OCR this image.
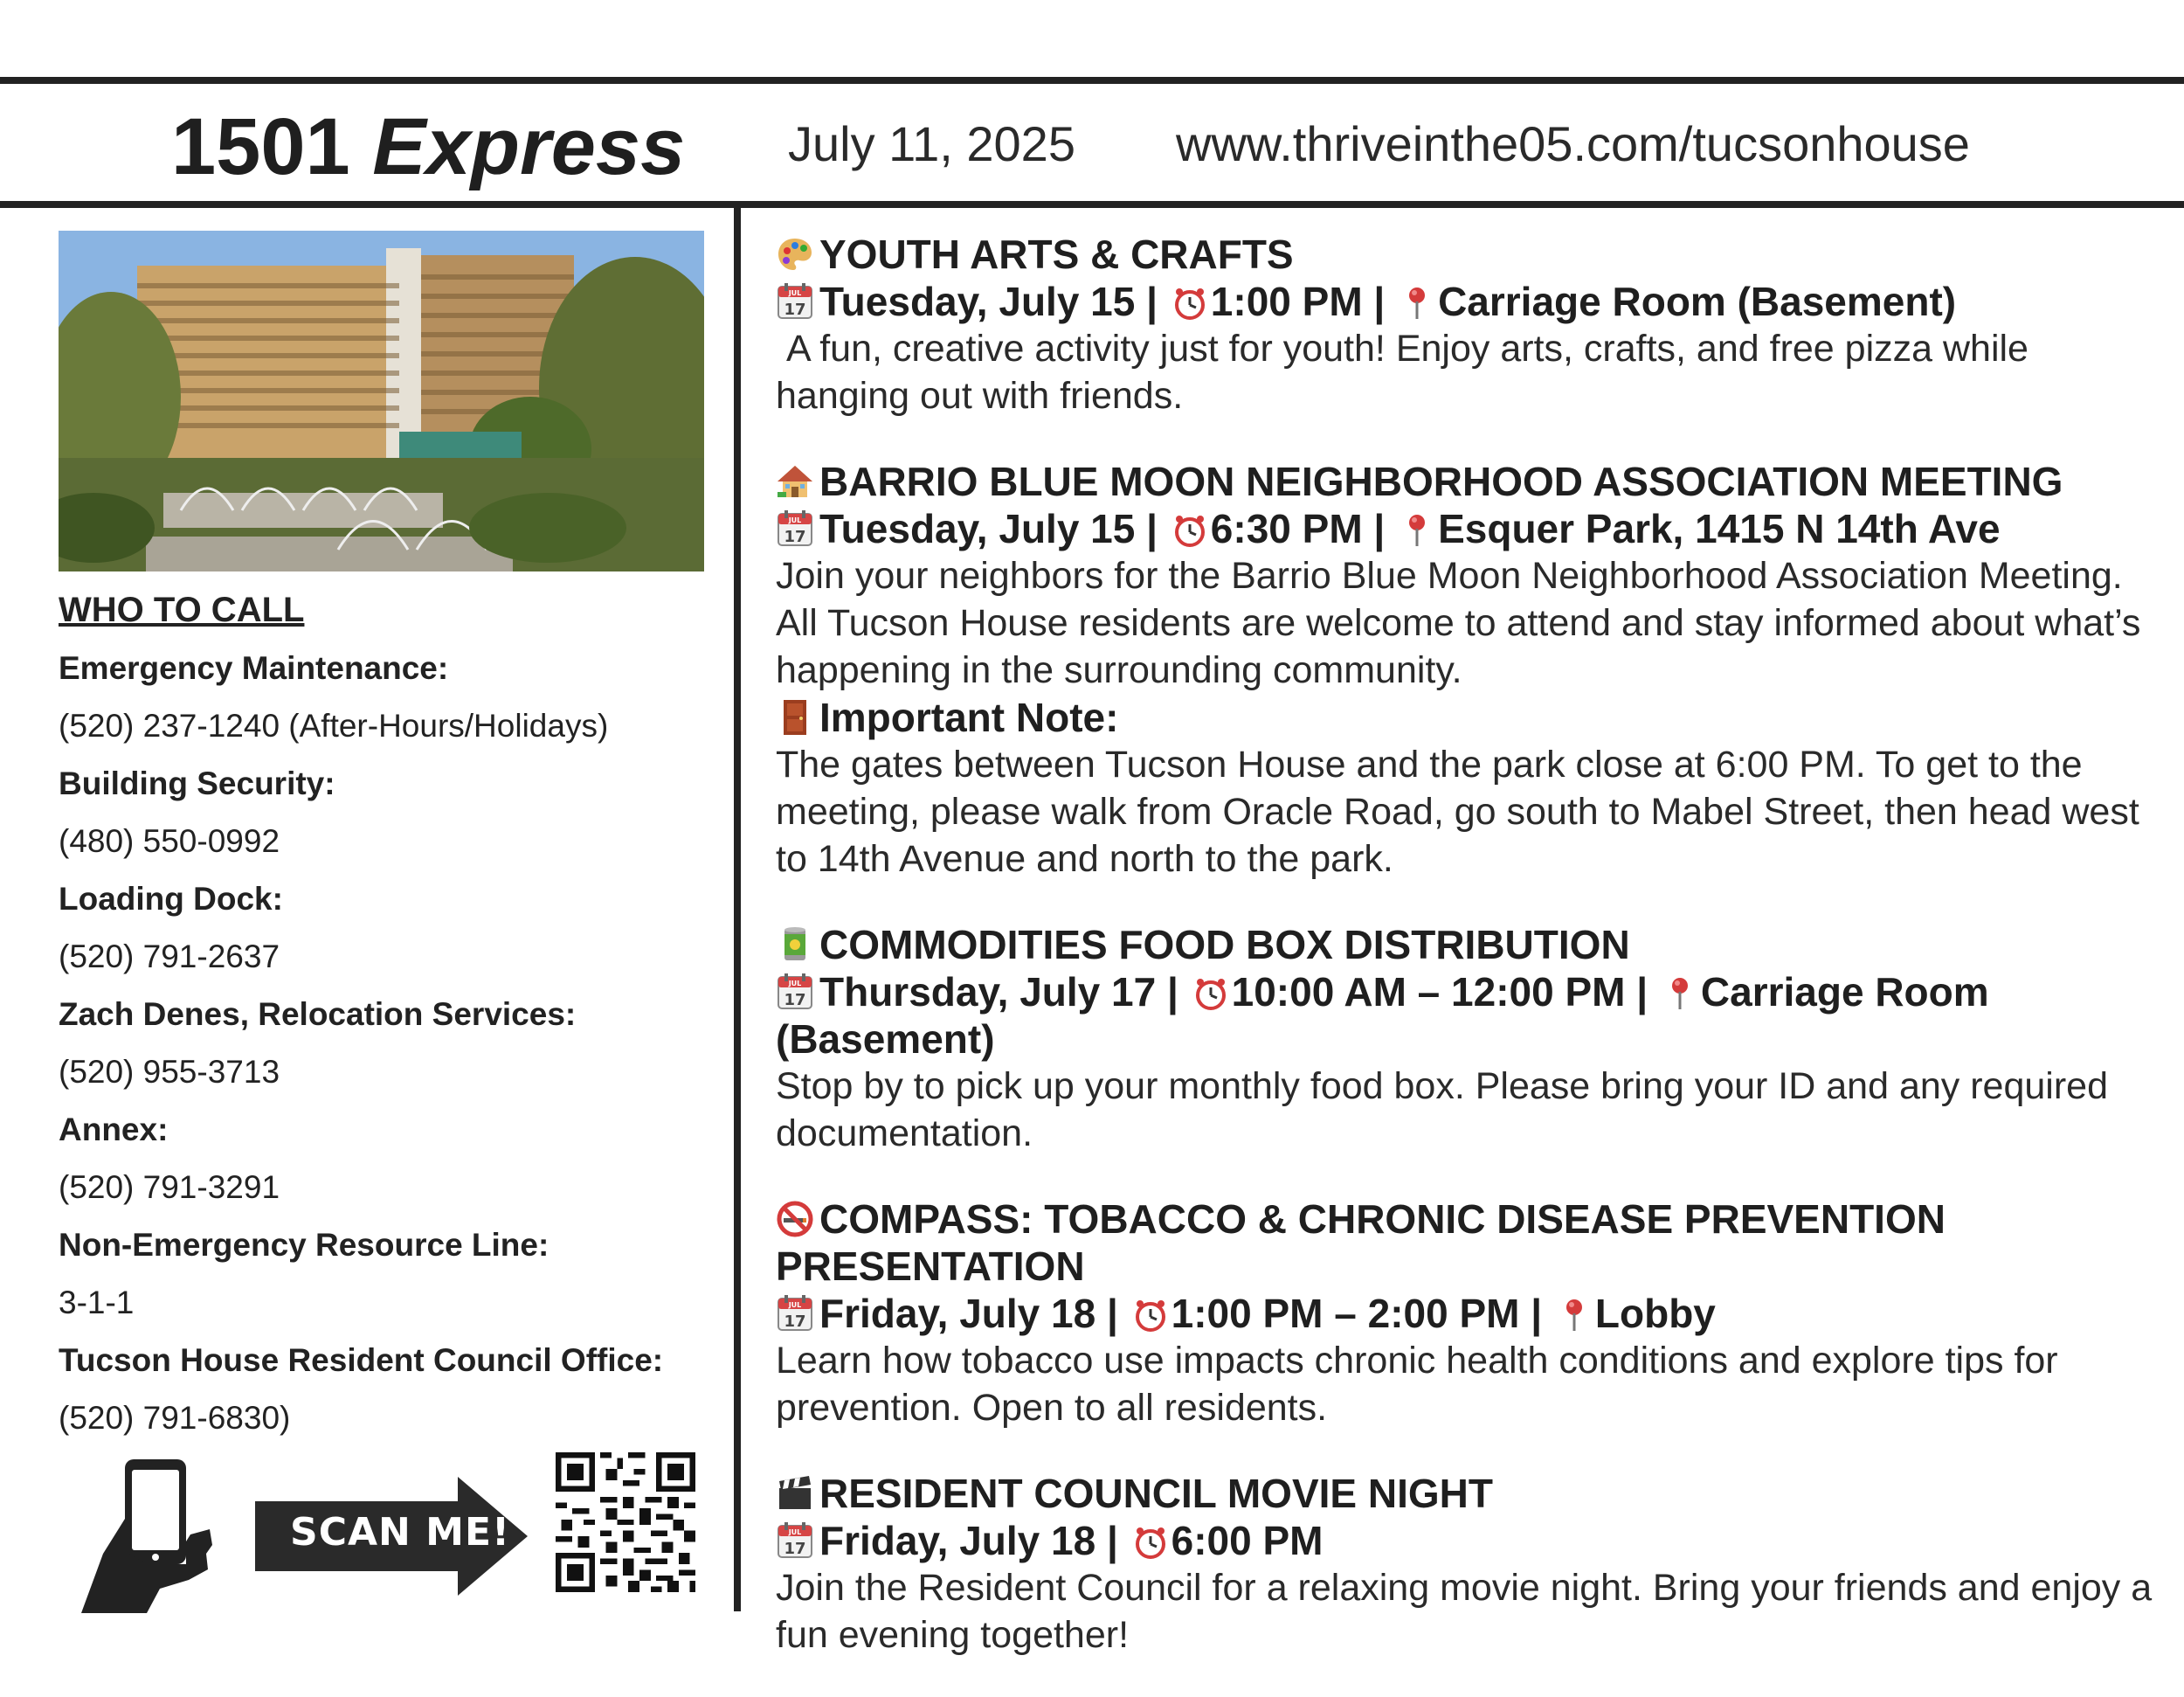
1501 Express July 11, 2025 www.thriveinthe05.com/tucsonhouse
WHO TO CALL
Emergency Maintenance:
(520) 237-1240 (After-Hours/Holidays)
Building Security:
(480) 550-0992
Loading Dock:
(520) 791-2637
Zach Denes, Relocation Services:
(520) 955-3713
Annex:
(520) 791-3291
Non-Emergency Resource Line:
3-1-1
Tucson House Resident Council Office:
(520) 791-6830)
SCAN ME!
YOUTH ARTS & CRAFTS
Tuesday, July 15 | 1:00 PM | Carriage Room (Basement)
A fun, creative activity just for youth! Enjoy arts, crafts, and free pizza while hanging out with friends.
BARRIO BLUE MOON NEIGHBORHOOD ASSOCIATION MEETING
Tuesday, July 15 | 6:30 PM | Esquer Park, 1415 N 14th Ave
Join your neighbors for the Barrio Blue Moon Neighborhood Association Meeting. All Tucson House residents are welcome to attend and stay informed about what’s happening in the surrounding community.
Important Note:
The gates between Tucson House and the park close at 6:00 PM. To get to the meeting, please walk from Oracle Road, go south to Mabel Street, then head west to 14th Avenue and north to the park.
COMMODITIES FOOD BOX DISTRIBUTION
Thursday, July 17 | 10:00 AM – 12:00 PM | Carriage Room (Basement)
Stop by to pick up your monthly food box. Please bring your ID and any required documentation.
COMPASS: TOBACCO & CHRONIC DISEASE PREVENTION PRESENTATION
Friday, July 18 | 1:00 PM – 2:00 PM | Lobby
Learn how tobacco use impacts chronic health conditions and explore tips for prevention. Open to all residents.
RESIDENT COUNCIL MOVIE NIGHT
Friday, July 18 | 6:00 PM
Join the Resident Council for a relaxing movie night. Bring your friends and enjoy a fun evening together!
